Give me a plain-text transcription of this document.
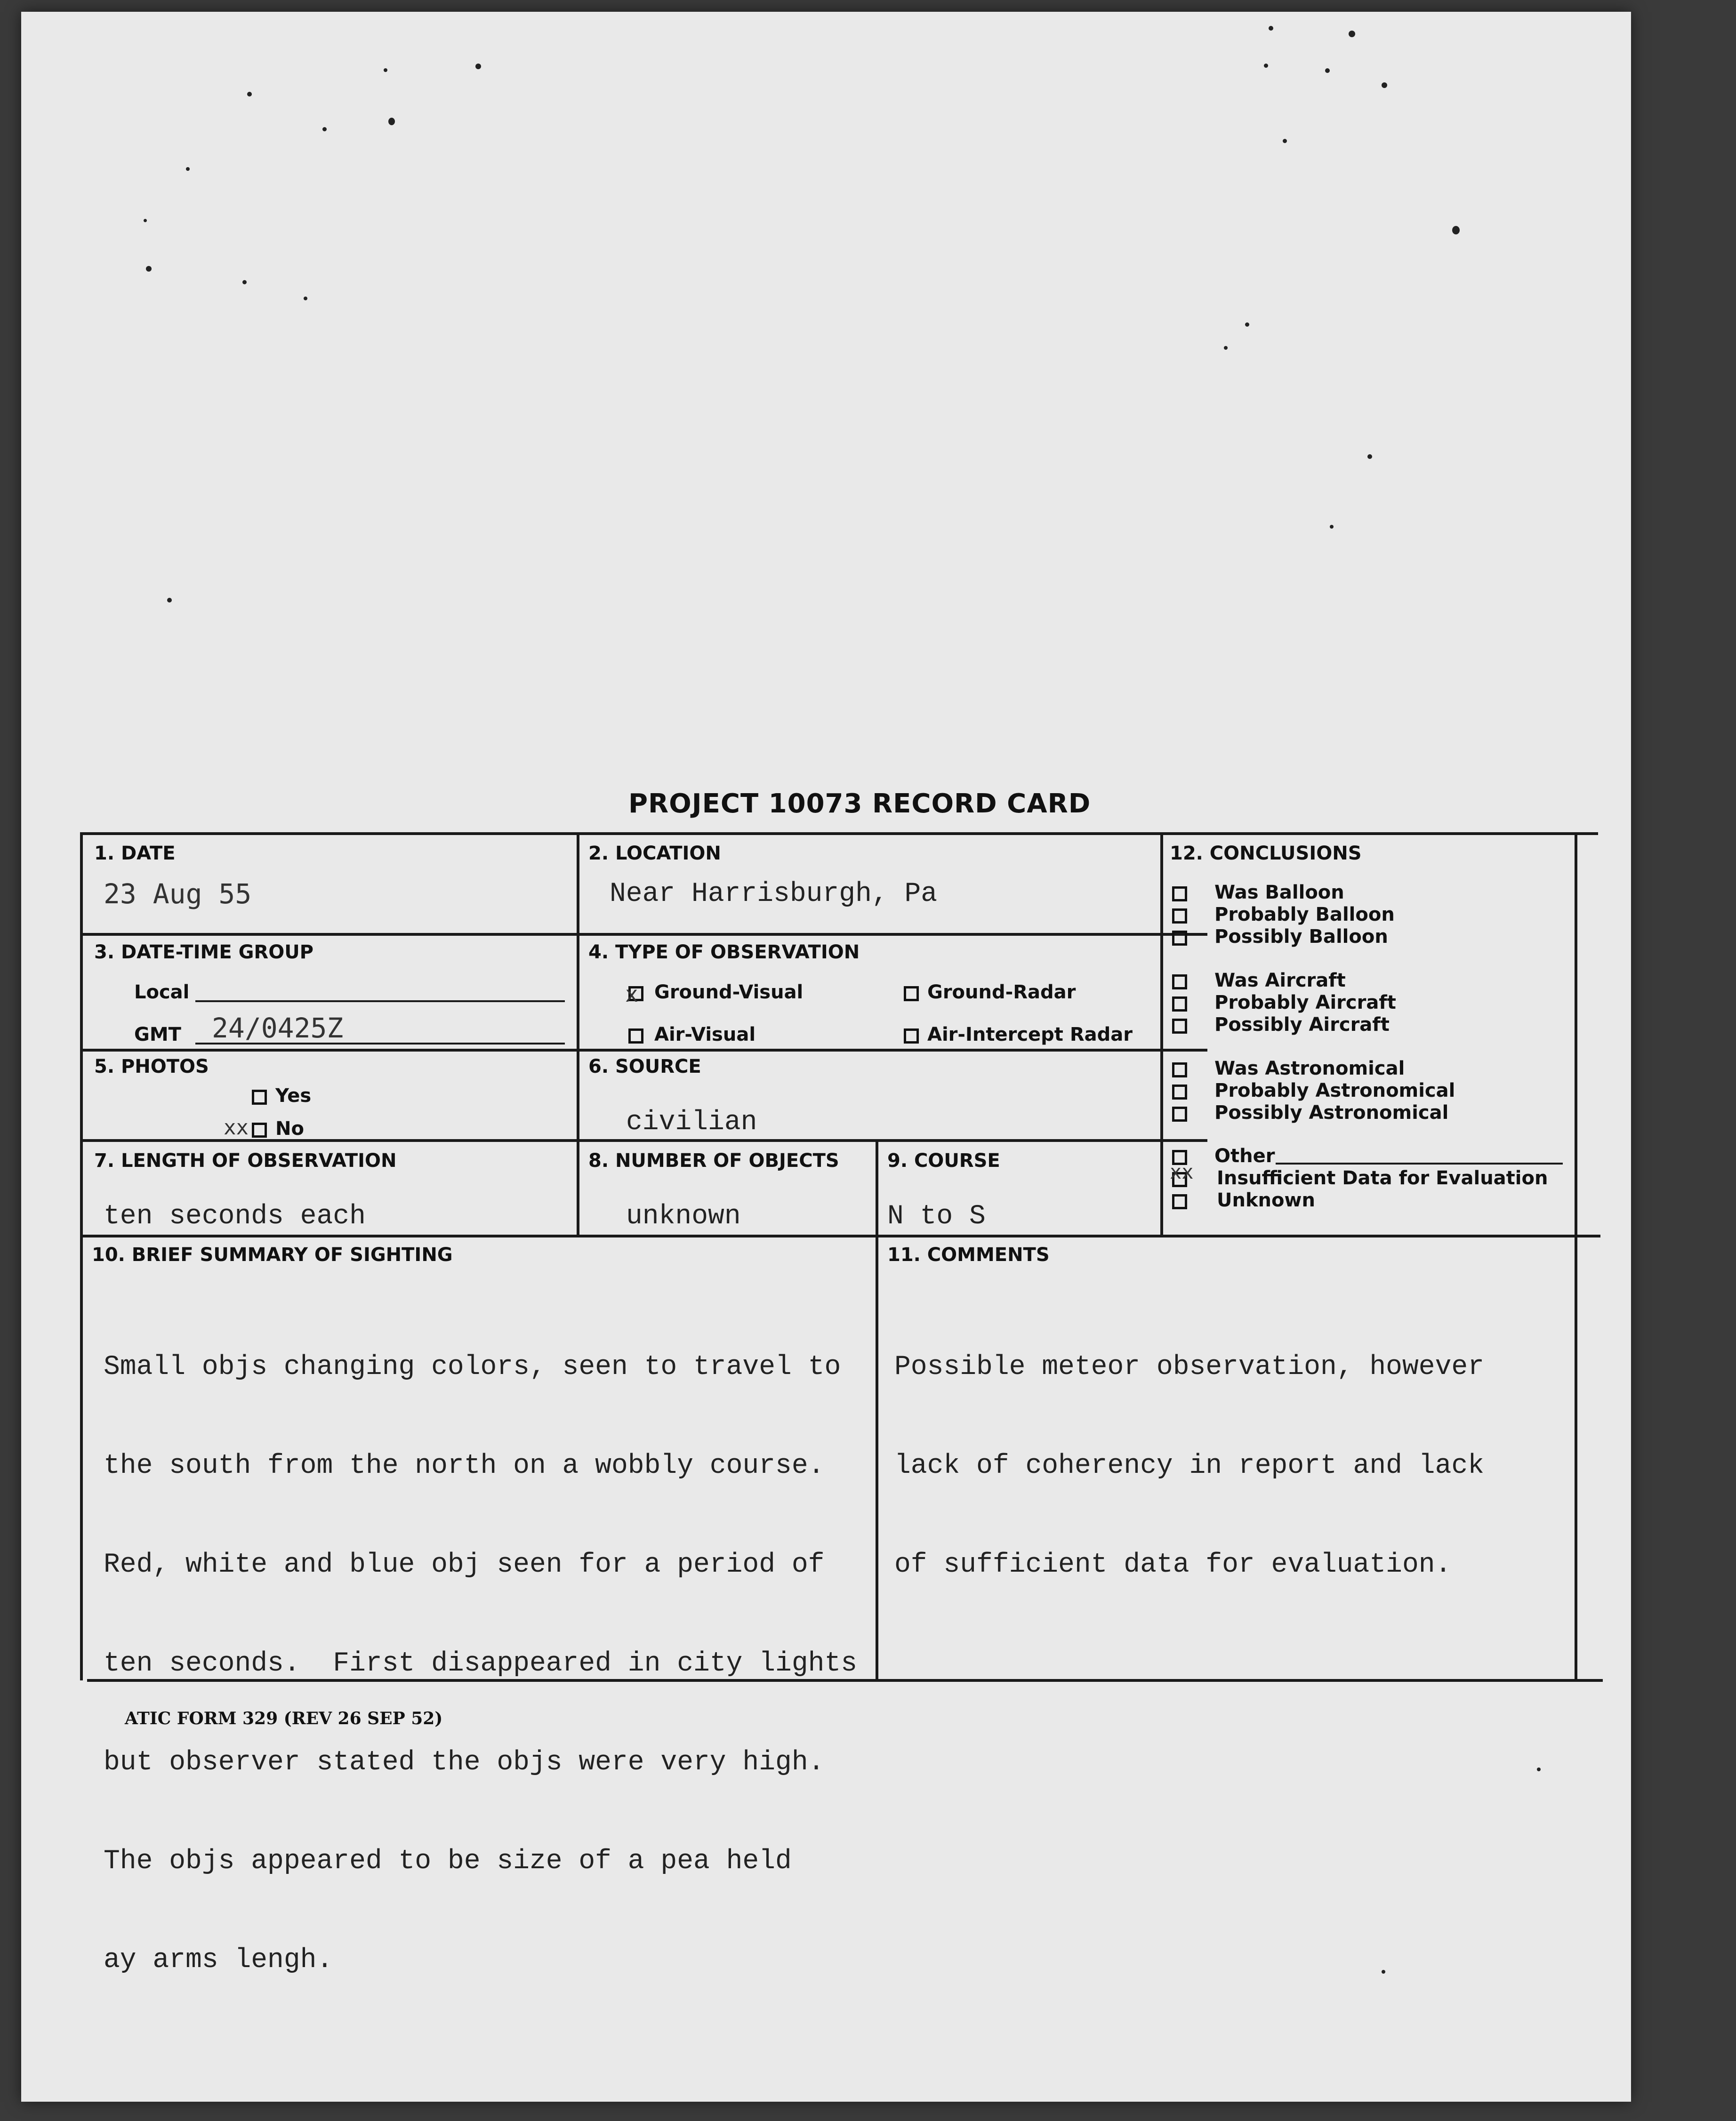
PROJECT 10073 RECORD CARD
1. DATE
23 Aug 55
2. LOCATION
Near Harrisburgh, Pa
3. DATE-TIME GROUP
Local
GMT 24/0425Z
4. TYPE OF OBSERVATION
x Ground-Visual	Ground-Radar
Air-Visual	Air-Intercept Radar
5. PHOTOS
Yes
xx No
6. SOURCE
civilian
7. LENGTH OF OBSERVATION
ten seconds each
8. NUMBER OF OBJECTS
unknown
9. COURSE
N to S
10. BRIEF SUMMARY OF SIGHTING

Small objs changing colors, seen to travel to

the south from the north on a wobbly course.

Red, white and blue obj seen for a period of

ten seconds.  First disappeared in city lights

but observer stated the objs were very high.

The objs appeared to be size of a pea held

ay arms lengh.

11. COMMENTS

Possible meteor observation, however

lack of coherency in report and lack

of sufficient data for evaluation.

12. CONCLUSIONS
Was Balloon
Probably Balloon
Possibly Balloon
Was Aircraft
Probably Aircraft
Possibly Aircraft
Was Astronomical
Probably Astronomical
Possibly Astronomical
Other
xx Insufficient Data for Evaluation
Unknown
ATIC FORM 329 (REV 26 SEP 52)
